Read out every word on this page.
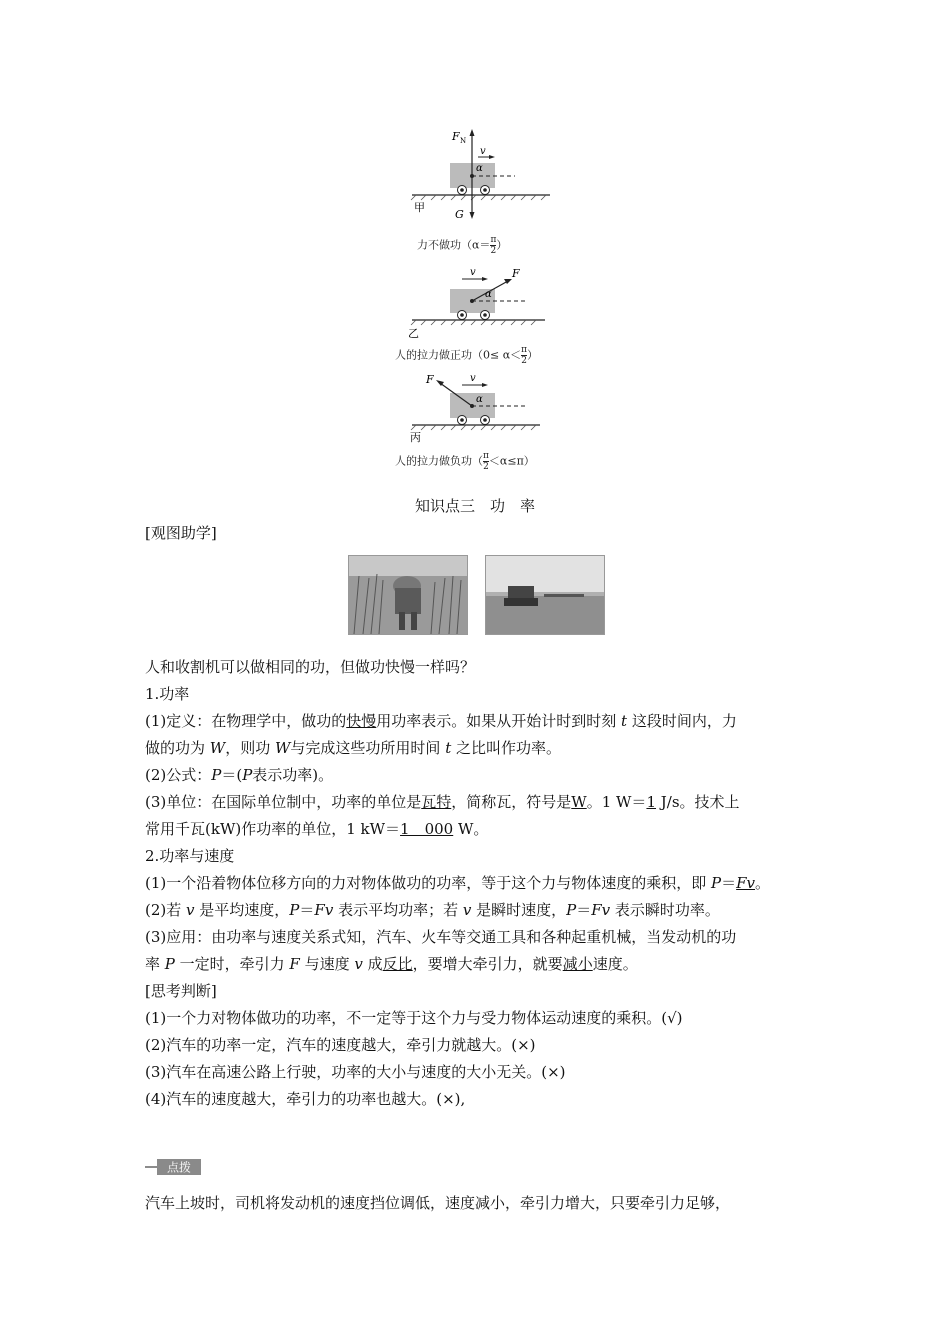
F N
v
α
G
甲
力不做功（$\alpha= \frac{\pi}{2}$ ）
F
v
α
乙
人的拉力做正功（$0\le \alpha< \frac{\pi}{2}$ ）
F	v
α
丙
人的拉力做负功（ $\frac{\pi}{2} <\alpha\le\pi$）
知识点三　功　率
[观图助学]
人和收割机可以做相同的功，但做功快慢一样吗？
1.功率
(1)定义：在物理学中，做功的快慢用功率表示。如果从开始计时到时刻 t 这段时间内，力
做的功为 W，则功 W与完成这些功所用时间 t 之比叫作功率。
(2)公式：P＝(P表示功率)。
(3)单位：在国际单位制中，功率的单位是瓦特，简称瓦，符号是W。1 W＝1 J/s。技术上
常用千瓦(kW)作功率的单位，1 kW＝1　000 W。
2.功率与速度
(1)一个沿着物体位移方向的力对物体做功的功率，等于这个力与物体速度的乘积，即 P＝Fv。
(2)若 v 是平均速度，P＝Fv 表示平均功率；若 v 是瞬时速度，P＝Fv 表示瞬时功率。
(3)应用：由功率与速度关系式知，汽车、火车等交通工具和各种起重机械，当发动机的功
率 P 一定时，牵引力 F 与速度 v 成反比，要增大牵引力，就要减小速度。
[思考判断]
(1)一个力对物体做功的功率，不一定等于这个力与受力物体运动速度的乘积。(√)
(2)汽车的功率一定，汽车的速度越大，牵引力就越大。(×)
(3)汽车在高速公路上行驶，功率的大小与速度的大小无关。(×)
(4)汽车的速度越大，牵引力的功率也越大。(×),
点拨
汽车上坡时，司机将发动机的速度挡位调低，速度减小，牵引力增大，只要牵引力足够，
